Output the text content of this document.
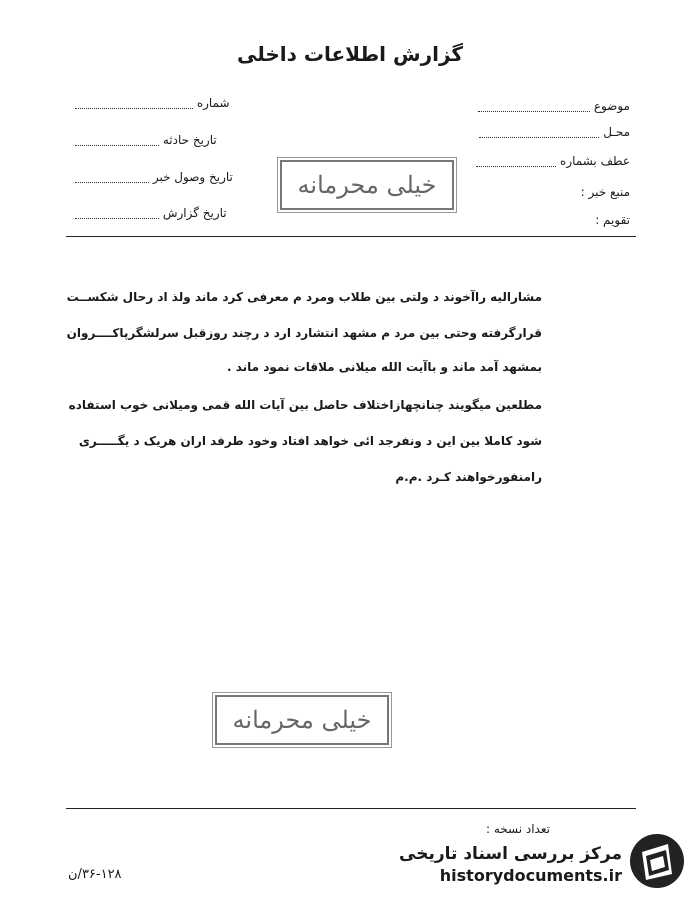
گزارش اطلاعات داخلی
شماره
تاریخ حادثه
تاریخ وصول خبر
تاریخ گزارش
موضوع
محـل
عطف بشماره
منبع خبر :
تقویم :
خیلی محرمانه
مشارالیه راآخوند د ولتی بین طلاب ومرد م معرفی کرد ماند ولذ اد رحال شکســت
قرارگرفته وحتی بین مرد م مشهد انتشارد ارد د رچند روزقبل سرلشگرپاکــــروان
بمشهد آمد ماند و باآیت الله میلانی ملاقات نمود ماند .
مطلعین میگویند چنانچهازاختلاف حاصل بین آیات الله قمی ومیلانی خوب استفاده
شود کاملا بین این د ونفرجد ائی خواهد افتاد وخود طرفد اران هریک د یگـــــری
رامنفورخواهند کـرد .م.م
خیلی محرمانه
تعداد نسخه :
۳۶-۱۲۸/ن
مرکز بررسی اسناد تاریخی
historydocuments.ir
